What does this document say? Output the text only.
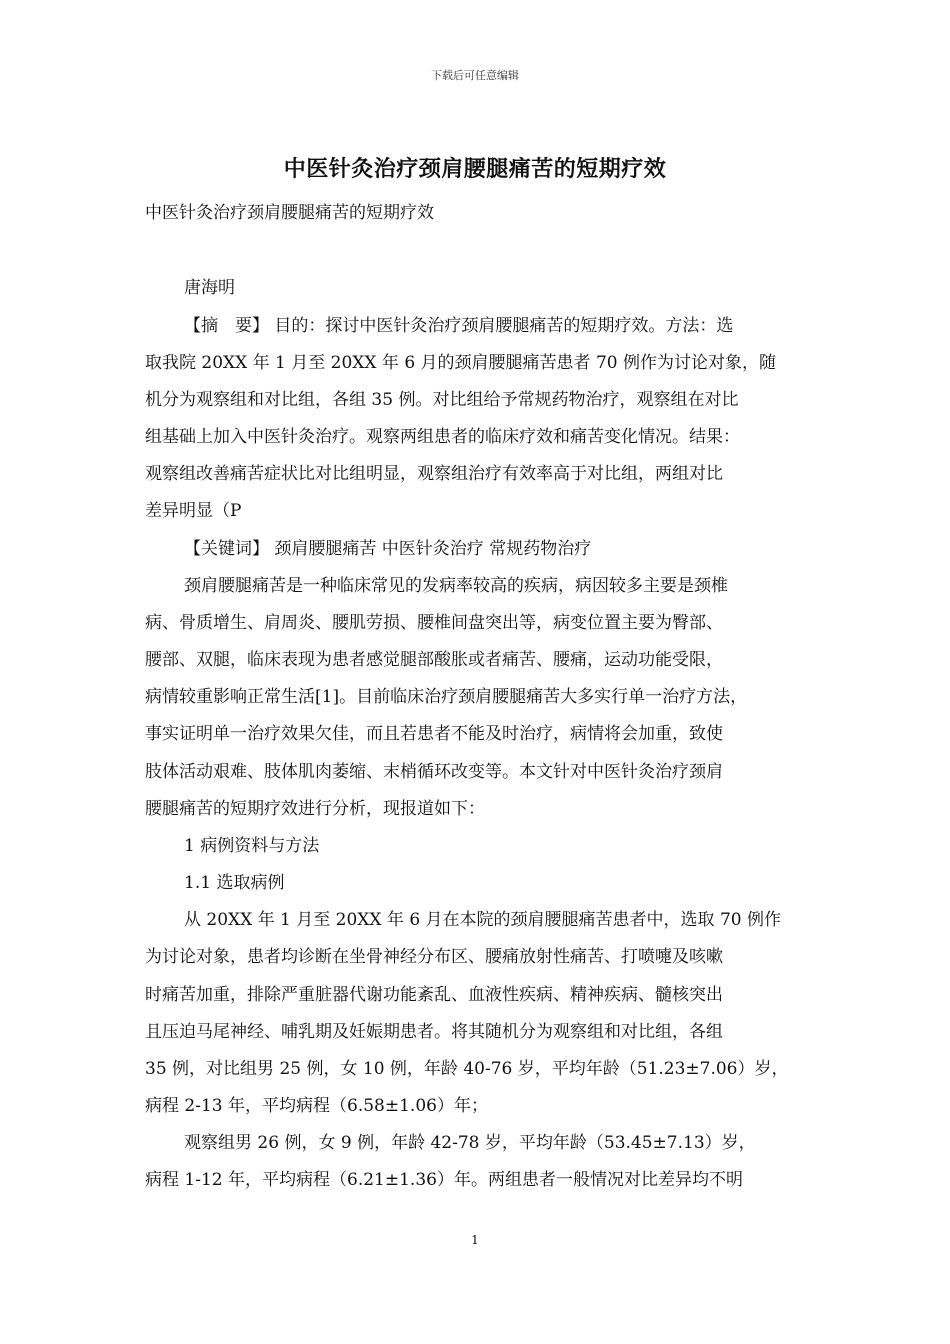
下载后可任意编辑
中医针灸治疗颈肩腰腿痛苦的短期疗效
中医针灸治疗颈肩腰腿痛苦的短期疗效
唐海明
【摘　要】 目的：探讨中医针灸治疗颈肩腰腿痛苦的短期疗效。方法：选
取我院 20XX 年 1 月至 20XX 年 6 月的颈肩腰腿痛苦患者 70 例作为讨论对象，随
机分为观察组和对比组，各组 35 例。对比组给予常规药物治疗，观察组在对比
组基础上加入中医针灸治疗。观察两组患者的临床疗效和痛苦变化情况。结果：
观察组改善痛苦症状比对比组明显，观察组治疗有效率高于对比组，两组对比
差异明显（P
【关键词】 颈肩腰腿痛苦 中医针灸治疗 常规药物治疗
颈肩腰腿痛苦是一种临床常见的发病率较高的疾病，病因较多主要是颈椎
病、骨质增生、肩周炎、腰肌劳损、腰椎间盘突出等，病变位置主要为臀部、
腰部、双腿，临床表现为患者感觉腿部酸胀或者痛苦、腰痛，运动功能受限，
病情较重影响正常生活[1]。目前临床治疗颈肩腰腿痛苦大多实行单一治疗方法，
事实证明单一治疗效果欠佳，而且若患者不能及时治疗，病情将会加重，致使
肢体活动艰难、肢体肌肉萎缩、末梢循环改变等。本文针对中医针灸治疗颈肩
腰腿痛苦的短期疗效进行分析，现报道如下：
1 病例资料与方法
1.1 选取病例
从 20XX 年 1 月至 20XX 年 6 月在本院的颈肩腰腿痛苦患者中，选取 70 例作
为讨论对象，患者均诊断在坐骨神经分布区、腰痛放射性痛苦、打喷嚏及咳嗽
时痛苦加重，排除严重脏器代谢功能紊乱、血液性疾病、精神疾病、髓核突出
且压迫马尾神经、哺乳期及妊娠期患者。将其随机分为观察组和对比组，各组
35 例，对比组男 25 例，女 10 例，年龄 40-76 岁，平均年龄（51.23±7.06）岁，
病程 2-13 年，平均病程（6.58±1.06）年；
观察组男 26 例，女 9 例，年龄 42-78 岁，平均年龄（53.45±7.13）岁，
病程 1-12 年，平均病程（6.21±1.36）年。两组患者一般情况对比差异均不明
1
